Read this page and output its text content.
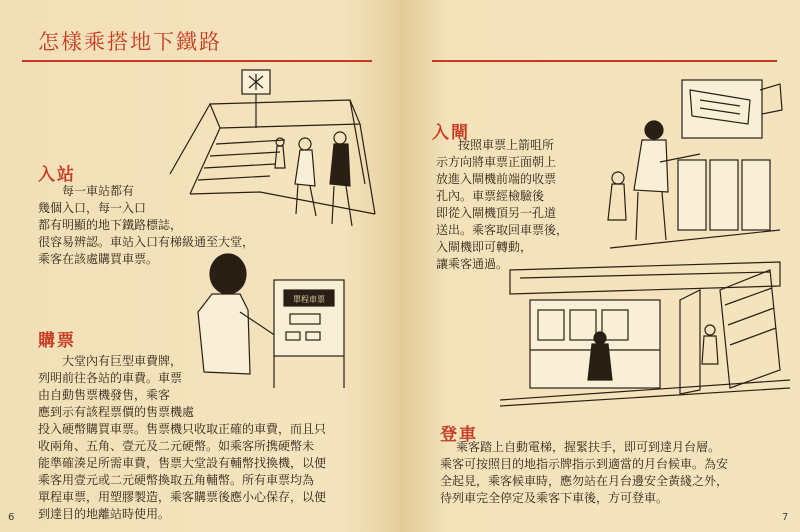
怎樣乘搭地下鐵路
入站
每一車站都有
幾個入口，每一入口
都有明顯的地下鐵路標誌，
很容易辨認。車站入口有梯級通至大堂，
乘客在該處購買車票。
單程車票
購票
大堂內有巨型車費牌，
列明前往各站的車費。車票
由自動售票機發售，乘客
應到示有該程票價的售票機處
投入硬幣購買車票。售票機只收取正確的車費，而且只
收兩角、五角、壹元及二元硬幣。如乘客所携硬幣未
能準確湊足所需車費，售票大堂設有輔幣找換機，以便
乘客用壹元或二元硬幣換取五角輔幣。所有車票均為
單程車票，用塑膠製造，乘客購票後應小心保存，以便
到達目的地離站時使用。
6
入閘
按照車票上箭咀所
示方向將車票正面朝上
放進入閘機前端的收票
孔內。車票經檢驗後
即從入閘機頂另一孔道
送出。乘客取回車票後，
入閘機即可轉動，
讓乘客通過。
登車
乘客踏上自動電梯，握緊扶手，即可到達月台層。
乘客可按照目的地指示牌指示到適當的月台候車。為安
全起見，乘客候車時，應勿站在月台邊安全黃綫之外，
待列車完全停定及乘客下車後，方可登車。
7
